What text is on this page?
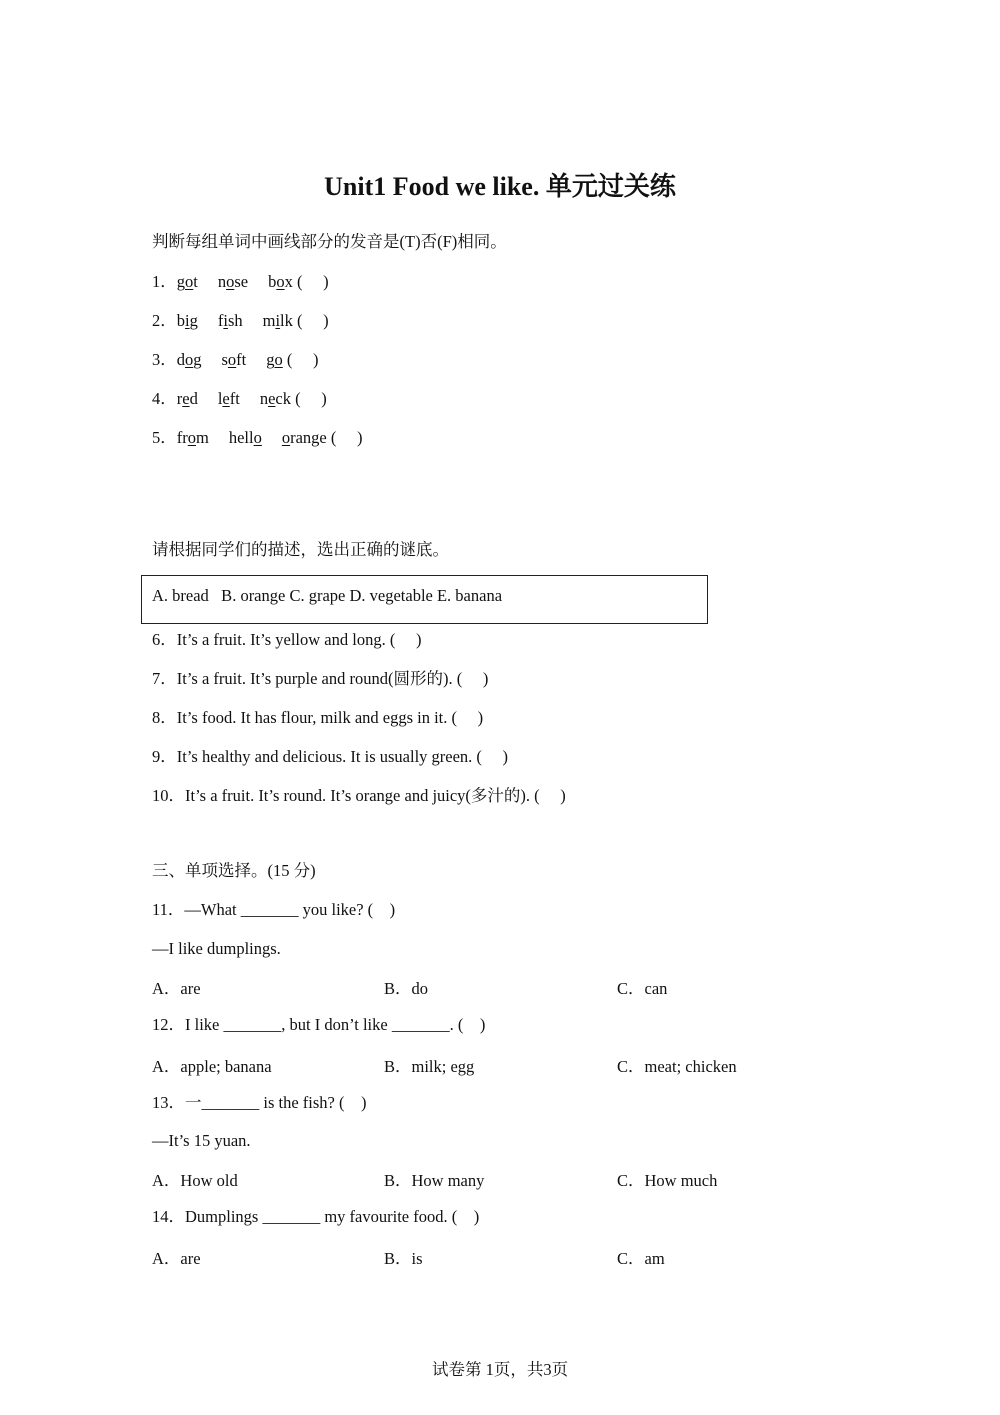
Unit1 Food we like. 单元过关练
判断每组单词中画线部分的发音是(T)否(F)相同。
1．got nose box (     )
2．big fish milk (     )
3．dog soft go (     )
4．red left neck (     )
5．from hello orange (     )
请根据同学们的描述，选出正确的谜底。
A. bread   B. orange C. grape D. vegetable E. banana
6．It’s a fruit. It’s yellow and long. (     )
7．It’s a fruit. It’s purple and round(圆形的). (     )
8．It’s food. It has flour, milk and eggs in it. (     )
9．It’s healthy and delicious. It is usually green. (     )
10．It’s a fruit. It’s round. It’s orange and juicy(多汁的). (     )
三、单项选择。(15 分)
11．—What _______ you like? (    )
—I like dumplings.
A．are	B．do	C．can
12．I like _______, but I don’t like _______. (    )
A．apple; banana	B．milk; egg	C．meat; chicken
13．一_______ is the fish? (    )
—It’s 15 yuan.
A．How old	B．How many	C．How much
14．Dumplings _______ my favourite food. (    )
A．are	B．is	C．am
试卷第 1页，共3页
